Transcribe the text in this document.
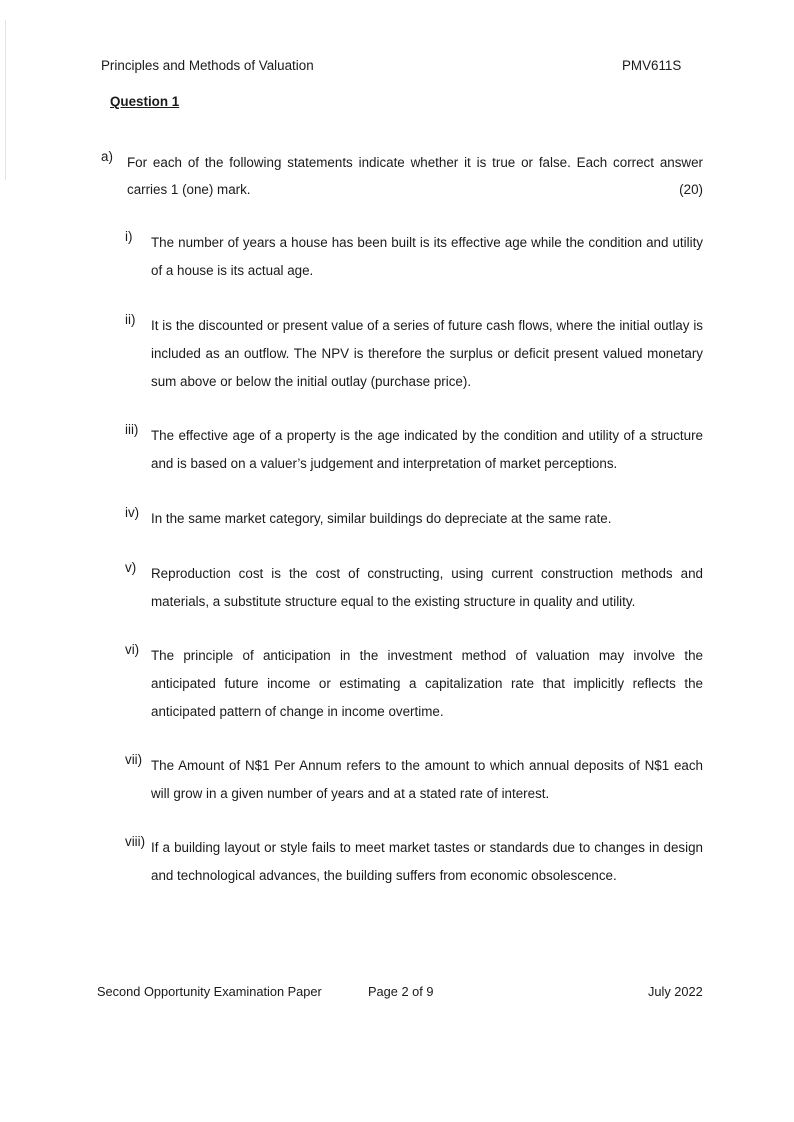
Principles and Methods of Valuation	PMV611S
Question 1
a) For each of the following statements indicate whether it is true or false. Each correct answer carries 1 (one) mark.	(20)
i) The number of years a house has been built is its effective age while the condition and utility of a house is its actual age.
ii) It is the discounted or present value of a series of future cash flows, where the initial outlay is included as an outflow. The NPV is therefore the surplus or deficit present valued monetary sum above or below the initial outlay (purchase price).
iii) The effective age of a property is the age indicated by the condition and utility of a structure and is based on a valuer’s judgement and interpretation of market perceptions.
iv) In the same market category, similar buildings do depreciate at the same rate.
v) Reproduction cost is the cost of constructing, using current construction methods and materials, a substitute structure equal to the existing structure in quality and utility.
vi) The principle of anticipation in the investment method of valuation may involve the anticipated future income or estimating a capitalization rate that implicitly reflects the anticipated pattern of change in income overtime.
vii) The Amount of N$1 Per Annum refers to the amount to which annual deposits of N$1 each will grow in a given number of years and at a stated rate of interest.
viii) If a building layout or style fails to meet market tastes or standards due to changes in design and technological advances, the building suffers from economic obsolescence.
Second Opportunity Examination Paper	Page 2 of 9	July 2022
